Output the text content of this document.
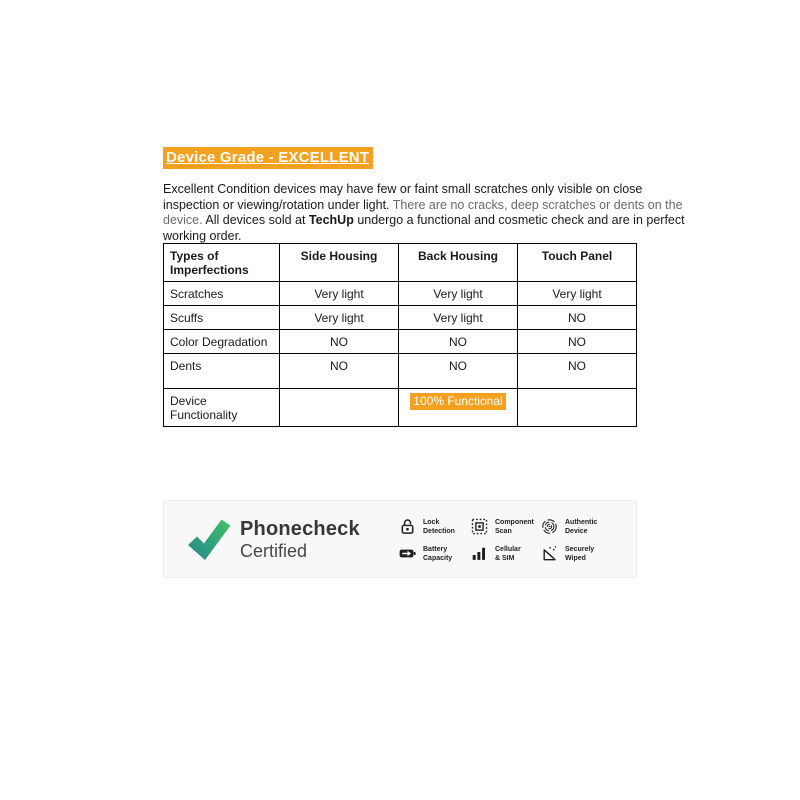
Device Grade - EXCELLENT

Excellent Condition devices may have few or faint small scratches only visible on close inspection or viewing/rotation under light. There are no cracks, deep scratches or dents on the device. All devices sold at TechUp undergo a functional and cosmetic check and are in perfect working order.

Types of Imperfections	Side Housing	Back Housing	Touch Panel
Scratches	Very light	Very light	Very light
Scuffs	Very light	Very light	NO
Color Degradation	NO	NO	NO
Dents	NO	NO	NO
Device Functionality		100% Functional	
Phonecheck
Certified
Lock
Detection
Component
Scan
Authentic
Device
Battery
Capacity
Cellular
& SIM
Securely
Wiped
